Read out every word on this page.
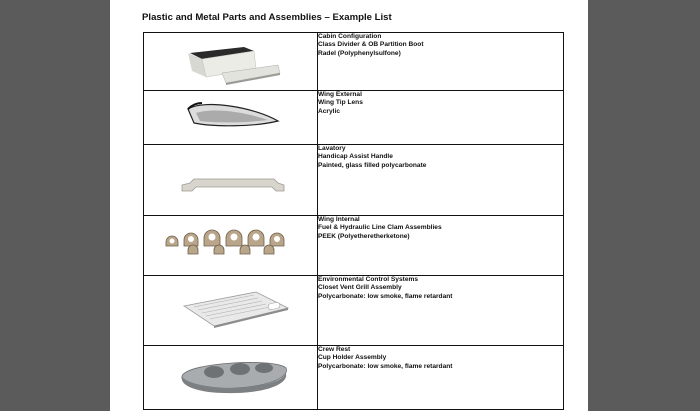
Plastic and Metal Parts and Assemblies – Example List

Cabin Configuration
Class Divider & OB Partition Boot
Radel (Polyphenylsulfone)

Wing External
Wing Tip Lens
Acrylic

Lavatory
Handicap Assist Handle
Painted, glass filled polycarbonate

Wing Internal
Fuel & Hydraulic Line Clam Assemblies
PEEK (Polyetheretherketone)

Environmental Control Systems
Closet Vent Grill Assembly
Polycarbonate: low smoke, flame retardant

Crew Rest
Cup Holder Assembly
Polycarbonate: low smoke, flame retardant
